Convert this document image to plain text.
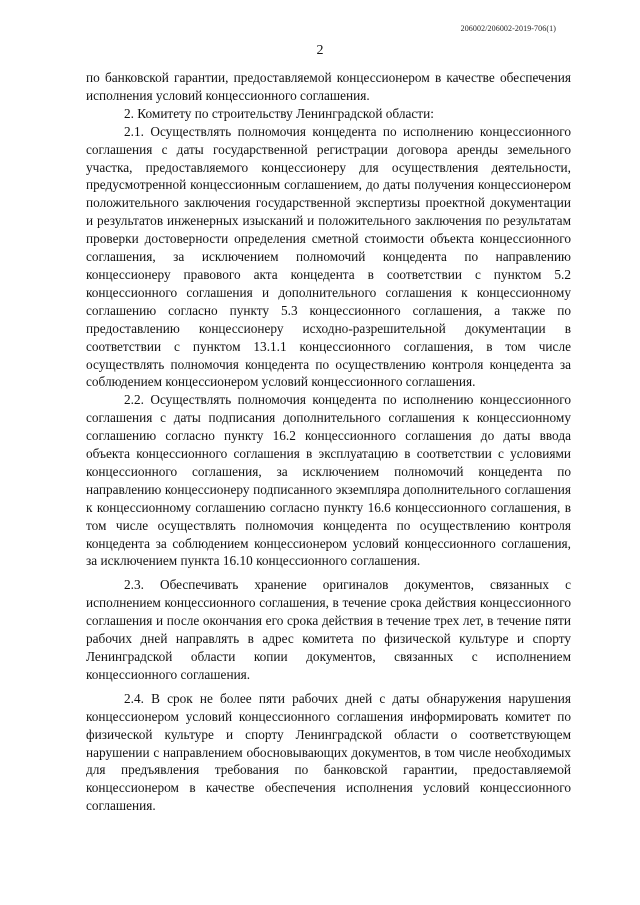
206002/206002-2019-706(1)
2

по банковской гарантии, предоставляемой концессионером в качестве обеспечения исполнения условий концессионного соглашения.

2. Комитету по строительству Ленинградской области:

2.1. Осуществлять полномочия концедента по исполнению концессионного соглашения с даты государственной регистрации договора аренды земельного участка, предоставляемого концессионеру для осуществления деятельности, предусмотренной концессионным соглашением, до даты получения концессионером положительного заключения государственной экспертизы проектной документации и результатов инженерных изысканий и положительного заключения по результатам проверки достоверности определения сметной стоимости объекта концессионного соглашения, за исключением полномочий концедента по направлению концессионеру правового акта концедента в соответствии с пунктом 5.2 концессионного соглашения и дополнительного соглашения к концессионному соглашению согласно пункту 5.3 концессионного соглашения, а также по предоставлению концессионеру исходно-разрешительной документации в соответствии с пунктом 13.1.1 концессионного соглашения, в том числе осуществлять полномочия концедента по осуществлению контроля концедента за соблюдением концессионером условий концессионного соглашения.

2.2. Осуществлять полномочия концедента по исполнению концессионного соглашения с даты подписания дополнительного соглашения к концессионному соглашению согласно пункту 16.2 концессионного соглашения до даты ввода объекта концессионного соглашения в эксплуатацию в соответствии с условиями концессионного соглашения, за исключением полномочий концедента по направлению концессионеру подписанного экземпляра дополнительного соглашения к концессионному соглашению согласно пункту 16.6 концессионного соглашения, в том числе осуществлять полномочия концедента по осуществлению контроля концедента за соблюдением концессионером условий концессионного соглашения, за исключением пункта 16.10 концессионного соглашения.

2.3. Обеспечивать хранение оригиналов документов, связанных с исполнением концессионного соглашения, в течение срока действия концессионного соглашения и после окончания его срока действия в течение трех лет, в течение пяти рабочих дней направлять в адрес комитета по физической культуре и спорту Ленинградской области копии документов, связанных с исполнением концессионного соглашения.

2.4. В срок не более пяти рабочих дней с даты обнаружения нарушения концессионером условий концессионного соглашения информировать комитет по физической культуре и спорту Ленинградской области о соответствующем нарушении с направлением обосновывающих документов, в том числе необходимых для предъявления требования по банковской гарантии, предоставляемой концессионером в качестве обеспечения исполнения условий концессионного соглашения.
